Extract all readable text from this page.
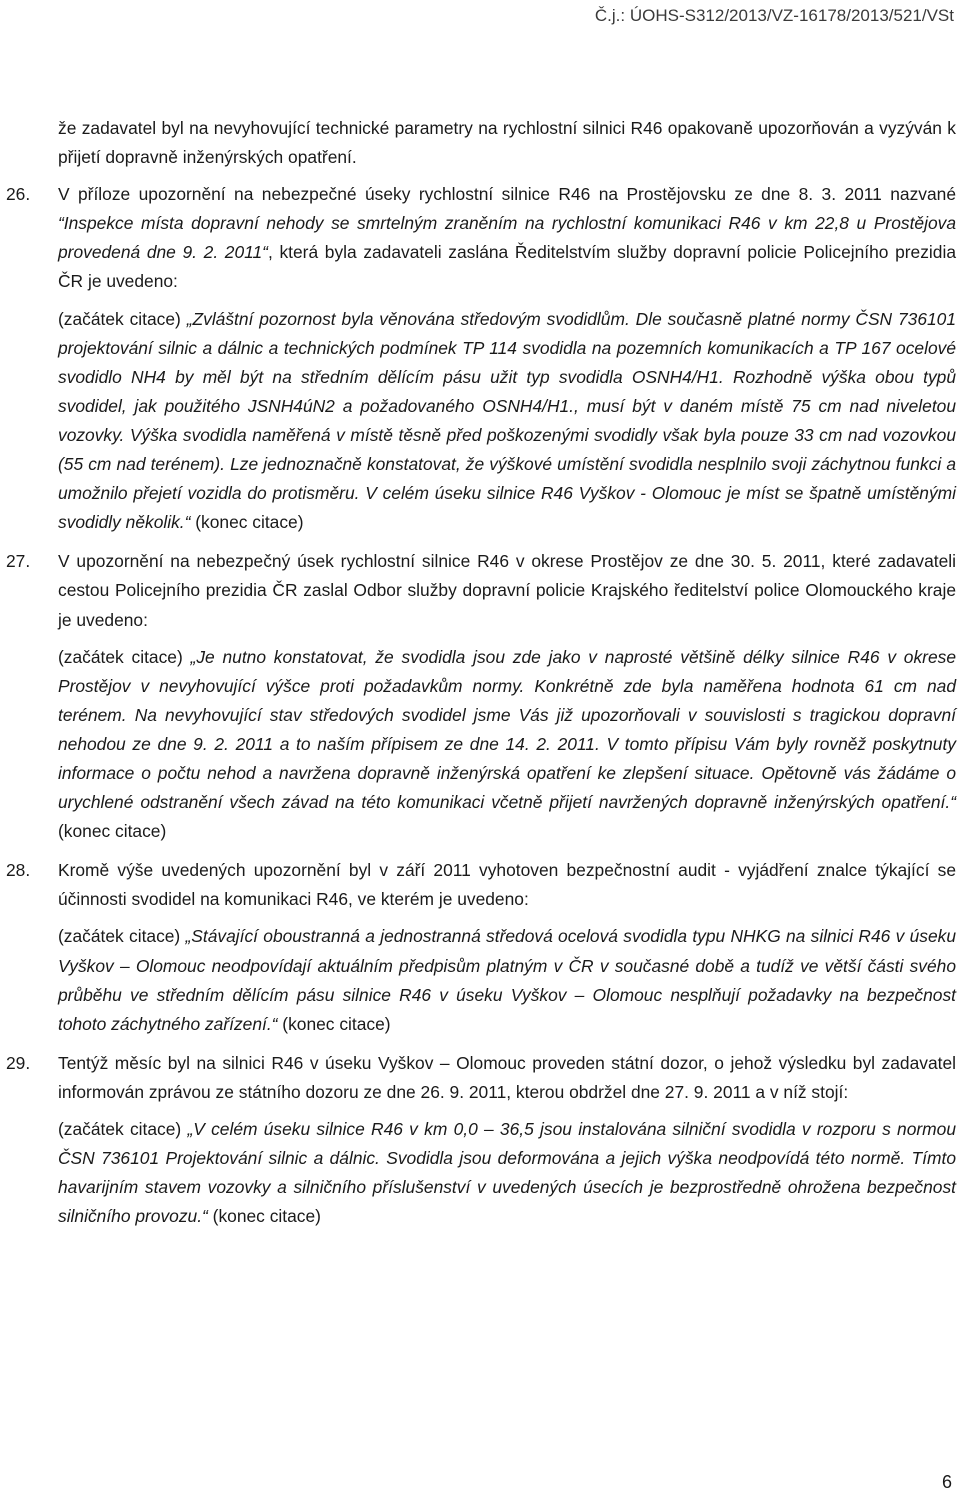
Č.j.: ÚOHS-S312/2013/VZ-16178/2013/521/VSt

že zadavatel byl na nevyhovující technické parametry na rychlostní silnici R46 opakovaně upozorňován a vyzýván k přijetí dopravně inženýrských opatření.

26. V příloze upozornění na nebezpečné úseky rychlostní silnice R46 na Prostějovsku ze dne 8. 3. 2011 nazvané “Inspekce místa dopravní nehody se smrtelným zraněním na rychlostní komunikaci R46 v km 22,8 u Prostějova provedená dne 9. 2. 2011“, která byla zadavateli zaslána Ředitelstvím služby dopravní policie Policejního prezidia ČR je uvedeno:

(začátek citace) „Zvláštní pozornost byla věnována středovým svodidlům. Dle současně platné normy ČSN 736101 projektování silnic a dálnic a technických podmínek TP 114 svodidla na pozemních komunikacích a TP 167 ocelové svodidlo NH4 by měl být na středním dělícím pásu užit typ svodidla OSNH4/H1. Rozhodně výška obou typů svodidel, jak použitého JSNH4úN2 a požadovaného OSNH4/H1., musí být v daném místě 75 cm nad niveletou vozovky. Výška svodidla naměřená v místě těsně před poškozenými svodidly však byla pouze 33 cm nad vozovkou (55 cm nad terénem). Lze jednoznačně konstatovat, že výškové umístění svodidla nesplnilo svoji záchytnou funkci a umožnilo přejetí vozidla do protisměru. V celém úseku silnice R46 Vyškov - Olomouc je míst se špatně umístěnými svodidly několik.“ (konec citace)

27. V upozornění na nebezpečný úsek rychlostní silnice R46 v okrese Prostějov ze dne 30. 5. 2011, které zadavateli cestou Policejního prezidia ČR zaslal Odbor služby dopravní policie Krajského ředitelství police Olomouckého kraje je uvedeno:

(začátek citace) „Je nutno konstatovat, že svodidla jsou zde jako v naprosté většině délky silnice R46 v okrese Prostějov v nevyhovující výšce proti požadavkům normy. Konkrétně zde byla naměřena hodnota 61 cm nad terénem. Na nevyhovující stav středových svodidel jsme Vás již upozorňovali v souvislosti s tragickou dopravní nehodou ze dne 9. 2. 2011 a to naším přípisem ze dne 14. 2. 2011. V tomto přípisu Vám byly rovněž poskytnuty informace o počtu nehod a navržena dopravně inženýrská opatření ke zlepšení situace. Opětovně vás žádáme o urychlené odstranění všech závad na této komunikaci včetně přijetí navržených dopravně inženýrských opatření.“ (konec citace)

28. Kromě výše uvedených upozornění byl v září 2011 vyhotoven bezpečnostní audit - vyjádření znalce týkající se účinnosti svodidel na komunikaci R46, ve kterém je uvedeno:

(začátek citace) „Stávající oboustranná a jednostranná středová ocelová svodidla typu NHKG na silnici R46 v úseku Vyškov – Olomouc neodpovídají aktuálním předpisům platným v ČR v současné době a tudíž ve větší části svého průběhu ve středním dělícím pásu silnice R46 v úseku Vyškov – Olomouc nesplňují požadavky na bezpečnost tohoto záchytného zařízení.“ (konec citace)

29. Tentýž měsíc byl na silnici R46 v úseku Vyškov – Olomouc proveden státní dozor, o jehož výsledku byl zadavatel informován zprávou ze státního dozoru ze dne 26. 9. 2011, kterou obdržel dne 27. 9. 2011 a v níž stojí:

(začátek citace) „V celém úseku silnice R46 v km 0,0 – 36,5 jsou instalována silniční svodidla v rozporu s normou ČSN 736101 Projektování silnic a dálnic. Svodidla jsou deformována a jejich výška neodpovídá této normě. Tímto havarijním stavem vozovky a silničního příslušenství v uvedených úsecích je bezprostředně ohrožena bezpečnost silničního provozu.“ (konec citace)

6
